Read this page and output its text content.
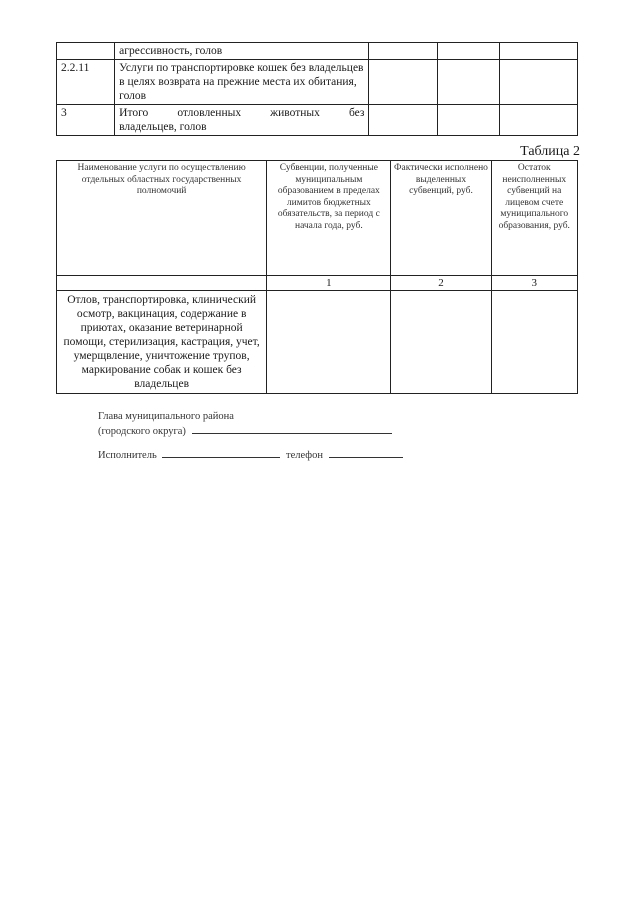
	агрессивность, голов			
2.2.11	Услуги по транспортировке кошек без владельцев в целях возврата на прежние места их обитания, голов			
3	Итого отловленных животных без
владельцев, голов			

Таблица 2
Наименование услуги по осуществлению отдельных областных государственных полномочий	Субвенции, полученные муниципальным образованием в пределах лимитов бюджетных обязательств, за период с начала года, руб.	Фактически исполнено выделенных субвенций, руб.	Остаток неисполненных субвенций на лицевом счете муниципального образования, руб.
	1	2	3
Отлов, транспортировка, клинический осмотр, вакцинация, содержание в приютах, оказание ветеринарной помощи, стерилизация, кастрация, учет, умерщвление, уничтожение трупов, маркирование собак и кошек без владельцев			
Глава муниципального района
(городского округа)
Исполнитель	телефон
